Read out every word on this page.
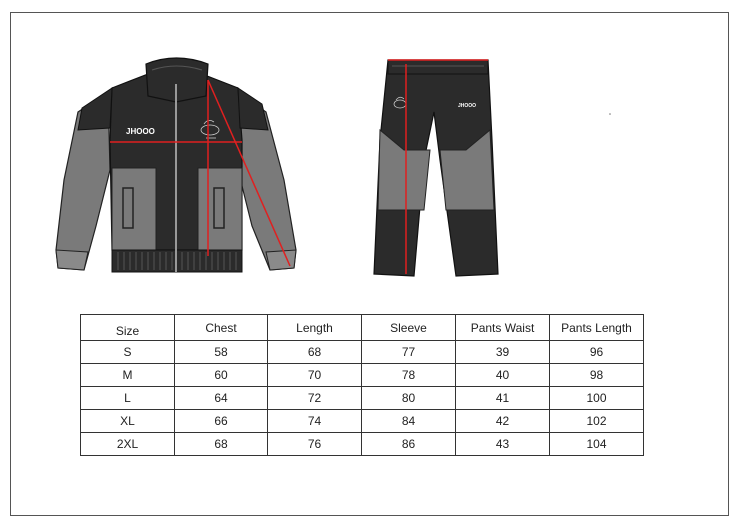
JHOOO
JHOOO
Size	Chest	Length	Sleeve	Pants Waist	Pants Length
S	58	68	77	39	96
M	60	70	78	40	98
L	64	72	80	41	100
XL	66	74	84	42	102
2XL	68	76	86	43	104
